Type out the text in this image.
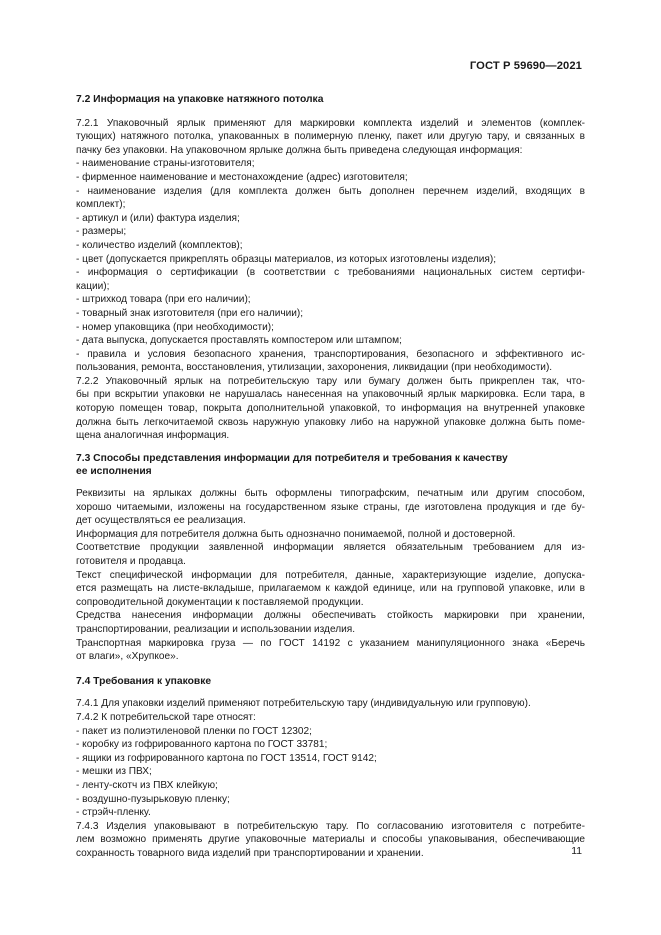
ГОСТ Р 59690—2021
7.2 Информация на упаковке натяжного потолка
7.2.1 Упаковочный ярлык применяют для маркировки комплекта изделий и элементов (комплек-
тующих) натяжного потолка, упакованных в полимерную пленку, пакет или другую тару, и связанных в
пачку без упаковки. На упаковочном ярлыке должна быть приведена следующая информация:
- наименование страны-изготовителя;
- фирменное наименование и местонахождение (адрес) изготовителя;
- наименование изделия (для комплекта должен быть дополнен перечнем изделий, входящих в
комплект);
- артикул и (или) фактура изделия;
- размеры;
- количество изделий (комплектов);
- цвет (допускается прикреплять образцы материалов, из которых изготовлены изделия);
- информация о сертификации (в соответствии с требованиями национальных систем сертифи-
кации);
- штрихкод товара (при его наличии);
- товарный знак изготовителя (при его наличии);
- номер упаковщика (при необходимости);
- дата выпуска, допускается проставлять компостером или штампом;
- правила и условия безопасного хранения, транспортирования, безопасного и эффективного ис-
пользования, ремонта, восстановления, утилизации, захоронения, ликвидации (при необходимости).
7.2.2 Упаковочный ярлык на потребительскую тару или бумагу должен быть прикреплен так, что-
бы при вскрытии упаковки не нарушалась нанесенная на упаковочный ярлык маркировка. Если тара, в
которую помещен товар, покрыта дополнительной упаковкой, то информация на внутренней упаковке
должна быть легкочитаемой сквозь наружную упаковку либо на наружной упаковке должна быть поме-
щена аналогичная информация.
7.3 Способы представления информации для потребителя и требования к качеству
ее исполнения
Реквизиты на ярлыках должны быть оформлены типографским, печатным или другим способом,
хорошо читаемыми, изложены на государственном языке страны, где изготовлена продукция и где бу-
дет осуществляться ее реализация.
Информация для потребителя должна быть однозначно понимаемой, полной и достоверной.
Соответствие продукции заявленной информации является обязательным требованием для из-
готовителя и продавца.
Текст специфической информации для потребителя, данные, характеризующие изделие, допуска-
ется размещать на листе-вкладыше, прилагаемом к каждой единице, или на групповой упаковке, или в
сопроводительной документации к поставляемой продукции.
Средства нанесения информации должны обеспечивать стойкость маркировки при хранении,
транспортировании, реализации и использовании изделия.
Транспортная маркировка груза — по ГОСТ 14192 с указанием манипуляционного знака «Беречь
от влаги», «Хрупкое».
7.4 Требования к упаковке
7.4.1 Для упаковки изделий применяют потребительскую тару (индивидуальную или групповую).
7.4.2 К потребительской таре относят:
- пакет из полиэтиленовой пленки по ГОСТ 12302;
- коробку из гофрированного картона по ГОСТ 33781;
- ящики из гофрированного картона по ГОСТ 13514, ГОСТ 9142;
- мешки из ПВХ;
- ленту-скотч из ПВХ клейкую;
- воздушно-пузырьковую пленку;
- стрэйч-пленку.
7.4.3 Изделия упаковывают в потребительскую тару. По согласованию изготовителя с потребите-
лем возможно применять другие упаковочные материалы и способы упаковывания, обеспечивающие
сохранность товарного вида изделий при транспортировании и хранении.	11
